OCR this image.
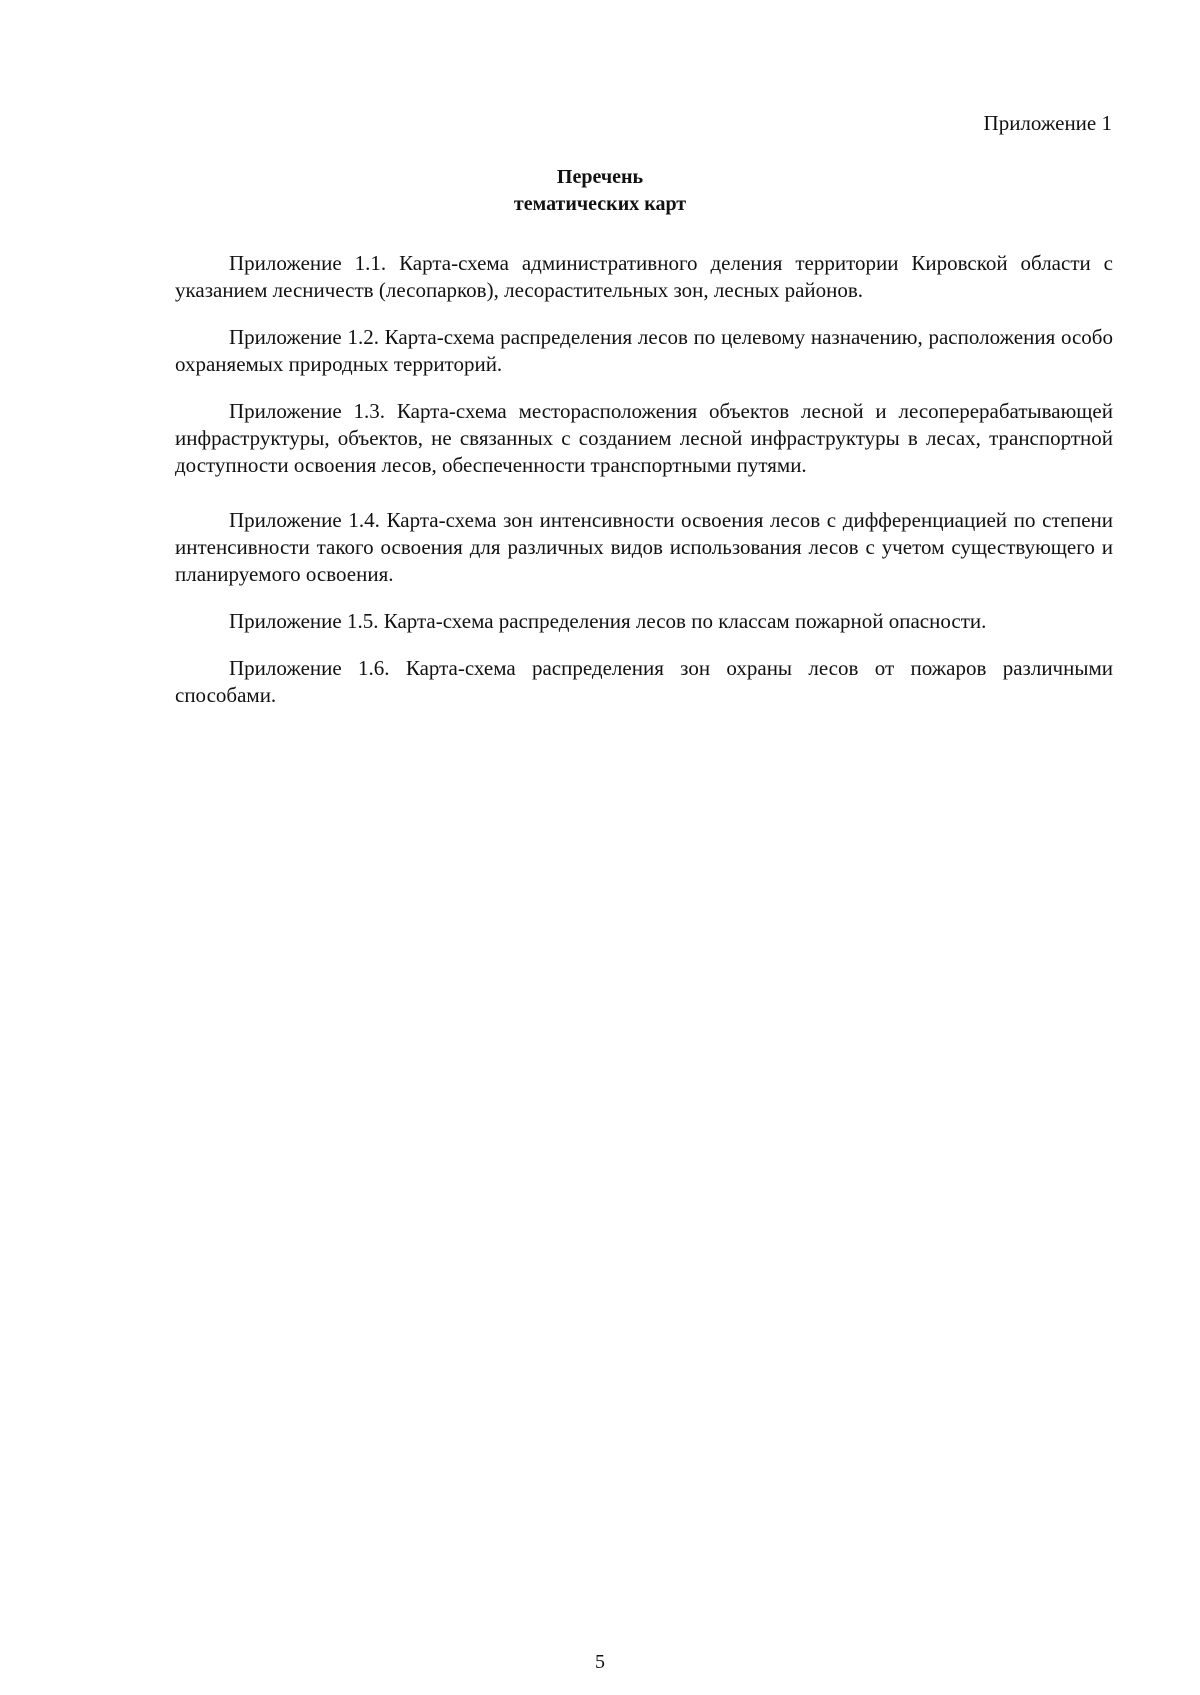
Приложение 1
Перечень
тематических карт

Приложение 1.1. Карта-схема административного деления территории Кировской области с указанием лесничеств (лесопарков), лесорастительных зон, лесных районов.

Приложение 1.2. Карта-схема распределения лесов по целевому назначению, расположения особо охраняемых природных территорий.

Приложение 1.3. Карта-схема месторасположения объектов лесной и лесоперерабатывающей инфраструктуры, объектов, не связанных с созданием лесной инфраструктуры в лесах, транспортной доступности освоения лесов, обеспеченности транспортными путями.

Приложение 1.4. Карта-схема зон интенсивности освоения лесов с дифференциацией по степени интенсивности такого освоения для различных видов использования лесов с учетом существующего и планируемого освоения.

Приложение 1.5. Карта-схема распределения лесов по классам пожарной опасности.

Приложение 1.6. Карта-схема распределения зон охраны лесов от пожаров различными способами.

5
